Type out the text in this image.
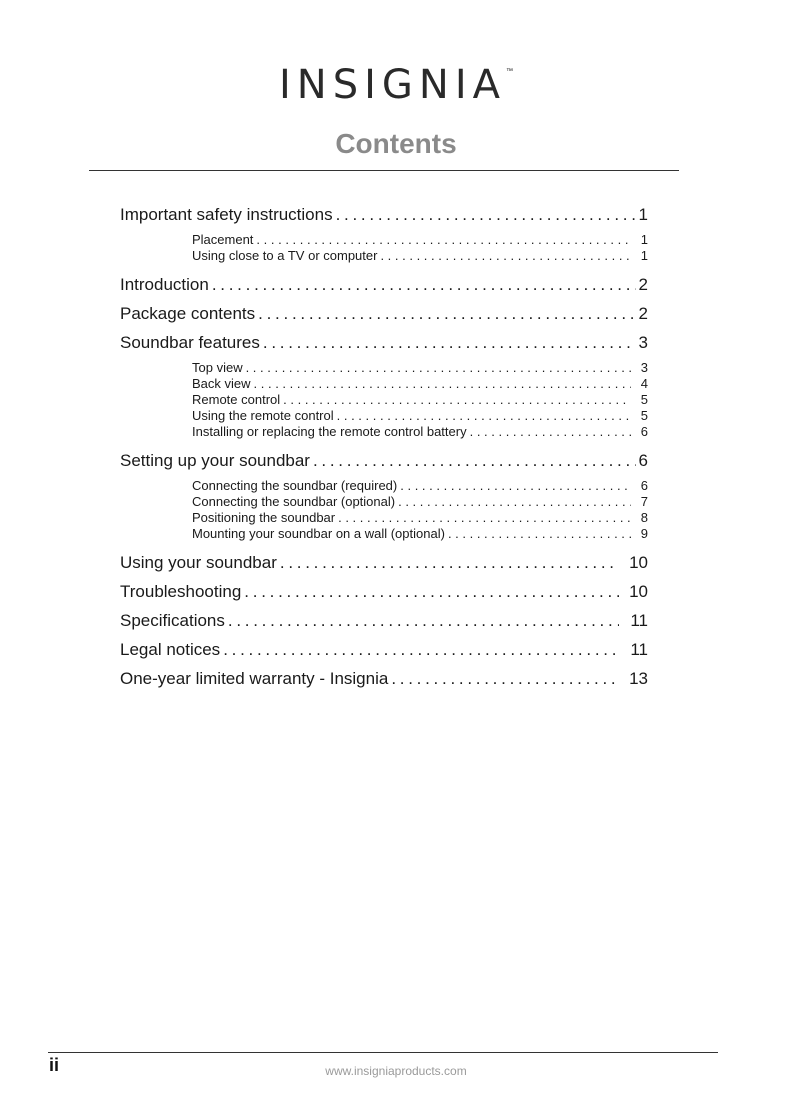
INSIGNIA™
Contents
Important safety instructions . . .	1
Placement . . .	1
Using close to a TV or computer . . .	1
Introduction . . .	2
Package contents . . .	2
Soundbar features . . .	3
Top view . . .	3
Back view . . .	4
Remote control . . .	5
Using the remote control . . .	5
Installing or replacing the remote control battery . . .	6
Setting up your soundbar . . .	6
Connecting the soundbar (required) . . .	6
Connecting the soundbar (optional) . . .	7
Positioning the soundbar . . .	8
Mounting your soundbar on a wall (optional) . . .	9
Using your soundbar . . .	10
Troubleshooting . . .	10
Specifications . . .	11
Legal notices . . .	11
One-year limited warranty - Insignia . . .	13
ii	www.insigniaproducts.com
